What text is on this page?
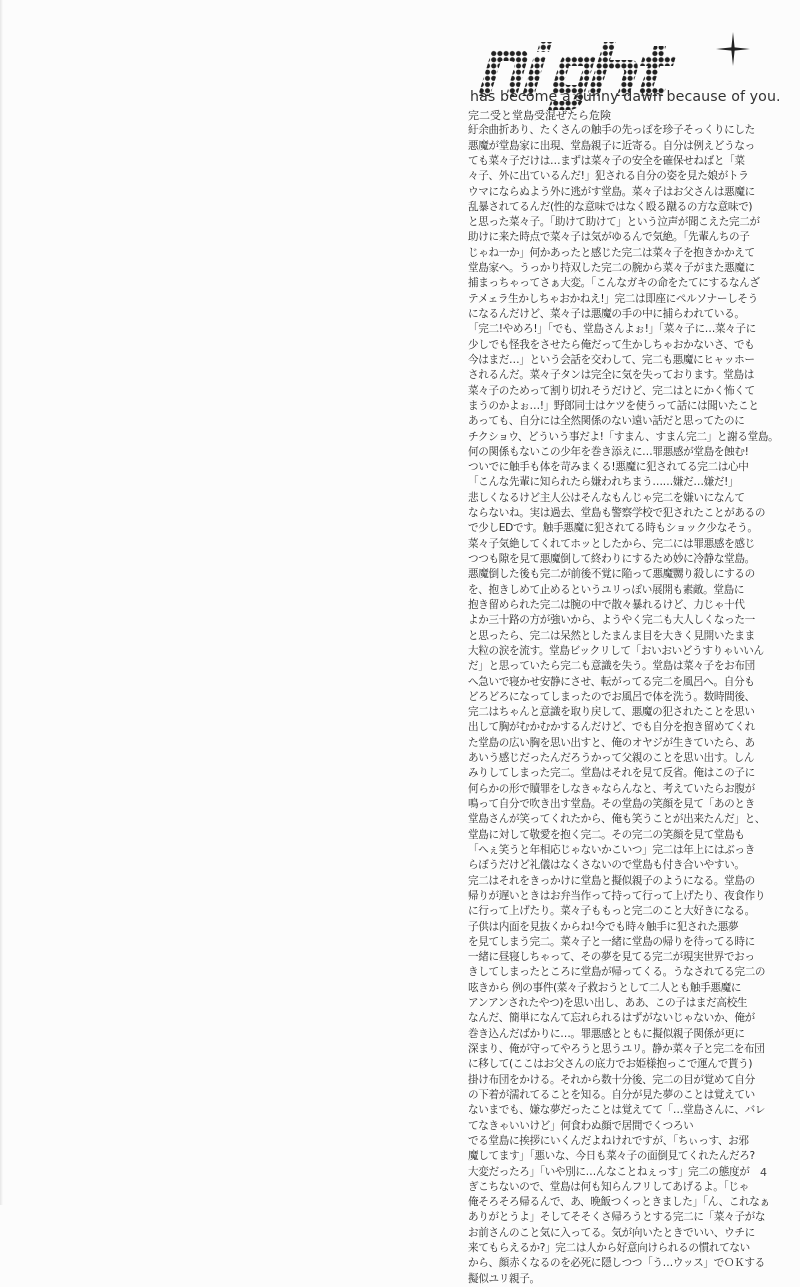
has become a sunny dawn because of you.
完二受と堂島受混ぜたら危険
紆余曲折あり、たくさんの触手の先っぽを珍子そっくりにした
悪魔が堂島家に出現、堂島親子に近寄る。自分は例えどうなっ
ても菜々子だけは…まずは菜々子の安全を確保せねばと「菜
々子、外に出ているんだ!」犯される自分の姿を見た娘がトラ
ウマにならぬよう外に逃がす堂島。菜々子はお父さんは悪魔に
乱暴されてるんだ(性的な意味ではなく殴る蹴るの方な意味で)
と思った菜々子。「助けて助けて」という泣声が聞こえた完二が
助けに来た時点で菜々子は気がゆるんで気絶。「先輩んちの子
じゃね一か」何かあったと感じた完二は菜々子を抱きかかえて
堂島家へ。うっかり持双した完二の腕から菜々子がまた悪魔に
捕まっちゃってさぁ大変。「こんなガキの命をたてにするなんざ
テメェラ生かしちゃおかねえ!」完二は即座にペルソナーしそう
になるんだけど、菜々子は悪魔の手の中に捕らわれている。
「完二!やめろ!」「でも、堂島さんよぉ!」「菜々子に…菜々子に
少しでも怪我をさせたら俺だって生かしちゃおかないさ、でも
今はまだ…」という会話を交わして、完二も悪魔にヒャッホー
されるんだ。菜々子タンは完全に気を失っております。堂島は
菜々子のためって割り切れそうだけど、完二はとにかく怖くて
まうのかよぉ…!」野郎同士はケツを使うって話には聞いたこと
あっても、自分には全然関係のない遠い話だと思ってたのに
チクショウ、どういう事だよ!「すまん、すまん完二」と謝る堂島。
何の関係もないこの少年を巻き添えに…罪悪感が堂島を蝕む!
ついでに触手も体を苛みまくる!悪魔に犯されてる完二は心中
「こんな先輩に知られたら嫌われちまう……嫌だ…嫌だ!」
悲しくなるけど主人公はそんなもんじゃ完二を嫌いになんて
ならないね。実は過去、堂島も警察学校で犯されたことがあるの
で少しEDです。触手悪魔に犯されてる時もショック少なそう。
菜々子気絶してくれてホッとしたから、完二には罪悪感を感じ
つつも隙を見て悪魔倒して終わりにするため妙に冷静な堂島。
悪魔倒した後も完二が前後不覚に陥って悪魔嬲り殺しにするの
を、抱きしめて止めるというユリっぽい展開も素敵。堂島に
抱き留められた完二は腕の中で散々暴れるけど、力じゃ十代
よか三十路の方が強いから、ようやく完二も大人しくなった一
と思ったら、完二は呆然としたまんま目を大きく見開いたまま
大粒の涙を流す。堂島ビックリして「おいおいどうすりゃいいん
だ」と思っていたら完二も意識を失う。堂島は菜々子をお布団
へ急いで寝かせ安静にさせ、転がってる完二を風呂へ。自分も
どろどろになってしまったのでお風呂で体を洗う。数時間後、
完二はちゃんと意識を取り戻して、悪魔の犯されたことを思い
出して胸がむかむかするんだけど、でも自分を抱き留めてくれ
た堂島の広い胸を思い出すと、俺のオヤジが生きていたら、あ
あいう感じだったんだろうかって父親のことを思い出す。しん
みりしてしまった完二。堂島はそれを見て反省。俺はこの子に
何らかの形で贖罪をしなきゃならんなと、考えていたらお腹が
鳴って自分で吹き出す堂島。その堂島の笑顔を見て「あのとき
堂島さんが笑ってくれたから、俺も笑うことが出来たんだ」と、
堂島に対して敬愛を抱く完二。その完二の笑顔を見て堂島も
「へぇ笑うと年相応じゃないかこいつ」完二は年上にはぶっき
らぼうだけど礼儀はなくさないので堂島も付き合いやすい。
完二はそれをきっかけに堂島と擬似親子のようになる。堂島の
帰りが遅いときはお弁当作って持って行って上げたり、夜食作り
に行って上げたり。菜々子ももっと完二のこと大好きになる。
子供は内面を見抜くからね!今でも時々触手に犯された悪夢
を見てしまう完二。菜々子と一緒に堂島の帰りを待ってる時に
一緒に昼寝しちゃって、その夢を見てる完二が現実世界でおっ
きしてしまったところに堂島が帰ってくる。うなされてる完二の
呟きから 例の事件(菜々子救おうとして二人とも触手悪魔に
アンアンされたやつ)を思い出し、ああ、この子はまだ高校生
なんだ、簡単になんて忘れられるはずがないじゃないか、俺が
巻き込んだばかりに…。罪悪感とともに擬似親子関係が更に
深まり、俺が守ってやろうと思うユリ。静か菜々子と完二を布団
に移して(ここはお父さんの底力でお姫様抱っこで運んで貰う)
掛け布団をかける。それから数十分後、完二の目が覚めて自分
の下着が濡れてることを知る。自分が見た夢のことは覚えてい
ないまでも、嫌な夢だったことは覚えてて「…堂島さんに、バレ
てなきゃいいけど」何食わぬ顔で居間でくつろい
でる堂島に挨拶にいくんだよねけれですが、「ちぃっす、お邪
魔してます」「悪いな、今日も菜々子の面倒見てくれたんだろ?
大変だったろ」「いや別に…んなことねぇっす」完二の態度が
ぎこちないので、堂島は何も知らんフリしてあげるよ。「じゃ
俺そろそろ帰るんで、あ、晩飯つくっときました」「ん、これなぁ
ありがとうよ」そしてそそくさ帰ろうとする完二に「菜々子がな
お前さんのこと気に入ってる。気が向いたときでいい、ウチに
来てもらえるか?」完二は人から好意向けられるの慣れてない
から、顔赤くなるのを必死に隠しつつ「う…ウッス」でＯＫする
擬似ユリ親子。
4
